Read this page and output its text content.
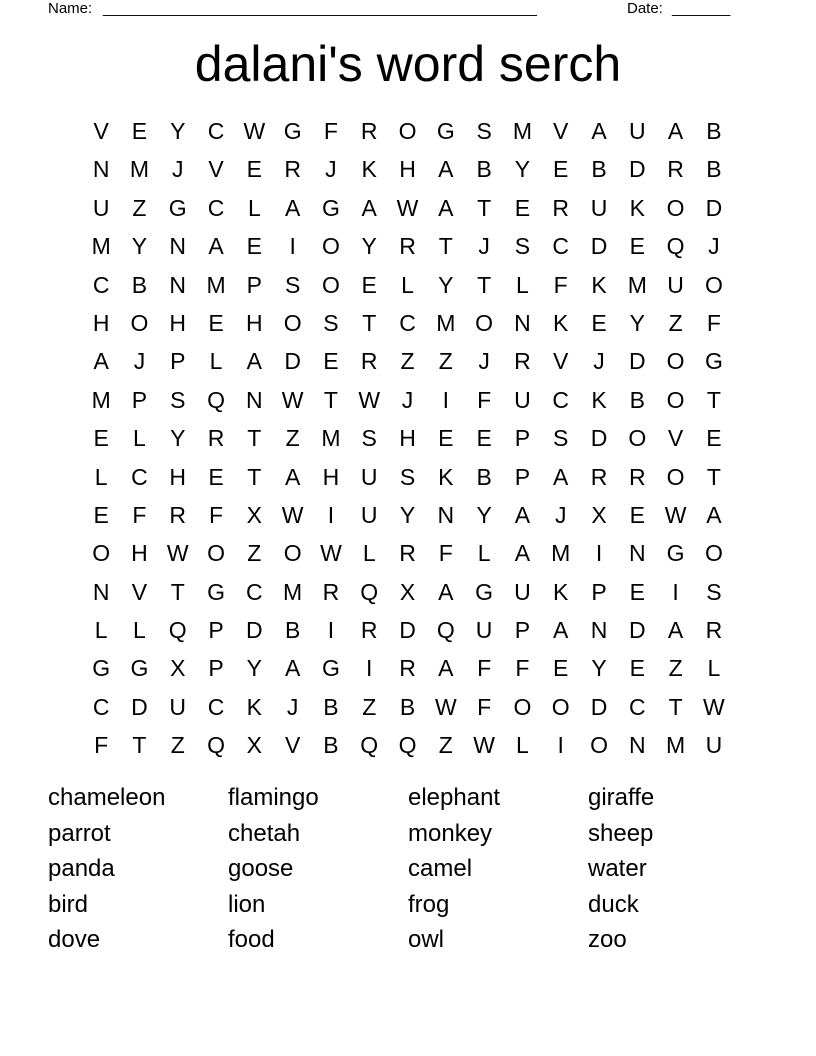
Name: ____________________________________________________	Date: _______
dalani's word serch
V E Y C W G F R O G S M V A U A B
N M J	V E R	J	K H A B Y E B D R B
U Z G C	L	A G A W A	T	E R U K O D
M Y N A E	I	O Y R T	J	S C D E Q	J
C B N M P S O E	L	Y	T	L	F	K M U O
H O H E H O S	T C M O N K E Y	Z	F
A	J	P	L	A D E R Z	Z	J	R V	J	D O G
M P S Q N W T W J	I	F U C K B O T
E	L	Y R T	Z M S H E E P S D O V E
L	C H E	T	A H U S K B P A R R O T
E	F R F	X W	I	U Y N Y A	J	X E W A
O H W O Z O W L	R F	L	A M	I	N G O
N V	T G C M R Q X A G U K P E	I	S
L	L Q P D B	I	R D Q U P A N D A R
G G X P Y A G	I	R A	F	F	E Y E	Z	L
C D U C K	J	B	Z	B W F O O D C T W
F	T	Z Q X V B Q Q Z W L	I	O N M U
chameleon	flamingo	elephant	giraffe
parrot	chetah	monkey	sheep
panda	goose	camel	water
bird	lion	frog	duck
dove	food	owl	zoo
